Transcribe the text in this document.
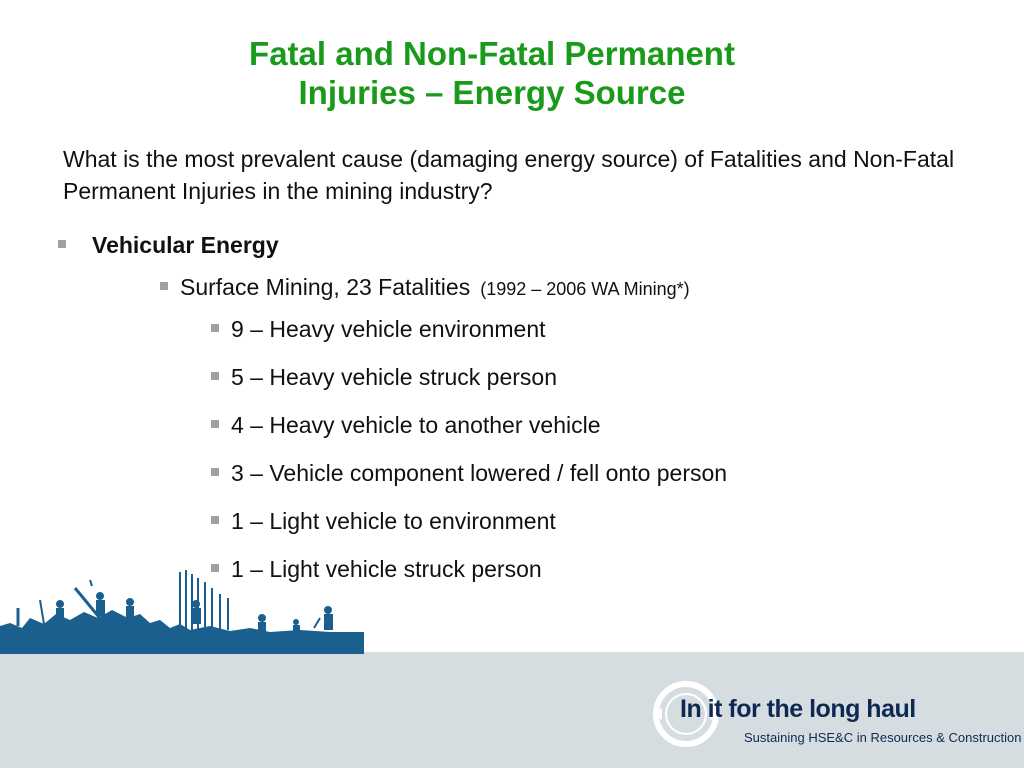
Fatal and Non-Fatal Permanent
Injuries – Energy Source
What is the most prevalent cause (damaging energy source) of Fatalities and Non-Fatal Permanent Injuries in the mining industry?
Vehicular Energy
Surface Mining, 23 Fatalities (1992 – 2006 WA Mining*)
9 – Heavy vehicle environment
5 – Heavy vehicle struck person
4 – Heavy vehicle to another vehicle
3 – Vehicle component lowered / fell onto person
1 – Light vehicle to environment
1 – Light vehicle struck person
In it for the long haul
Sustaining HSE&C in Resources & Construction
